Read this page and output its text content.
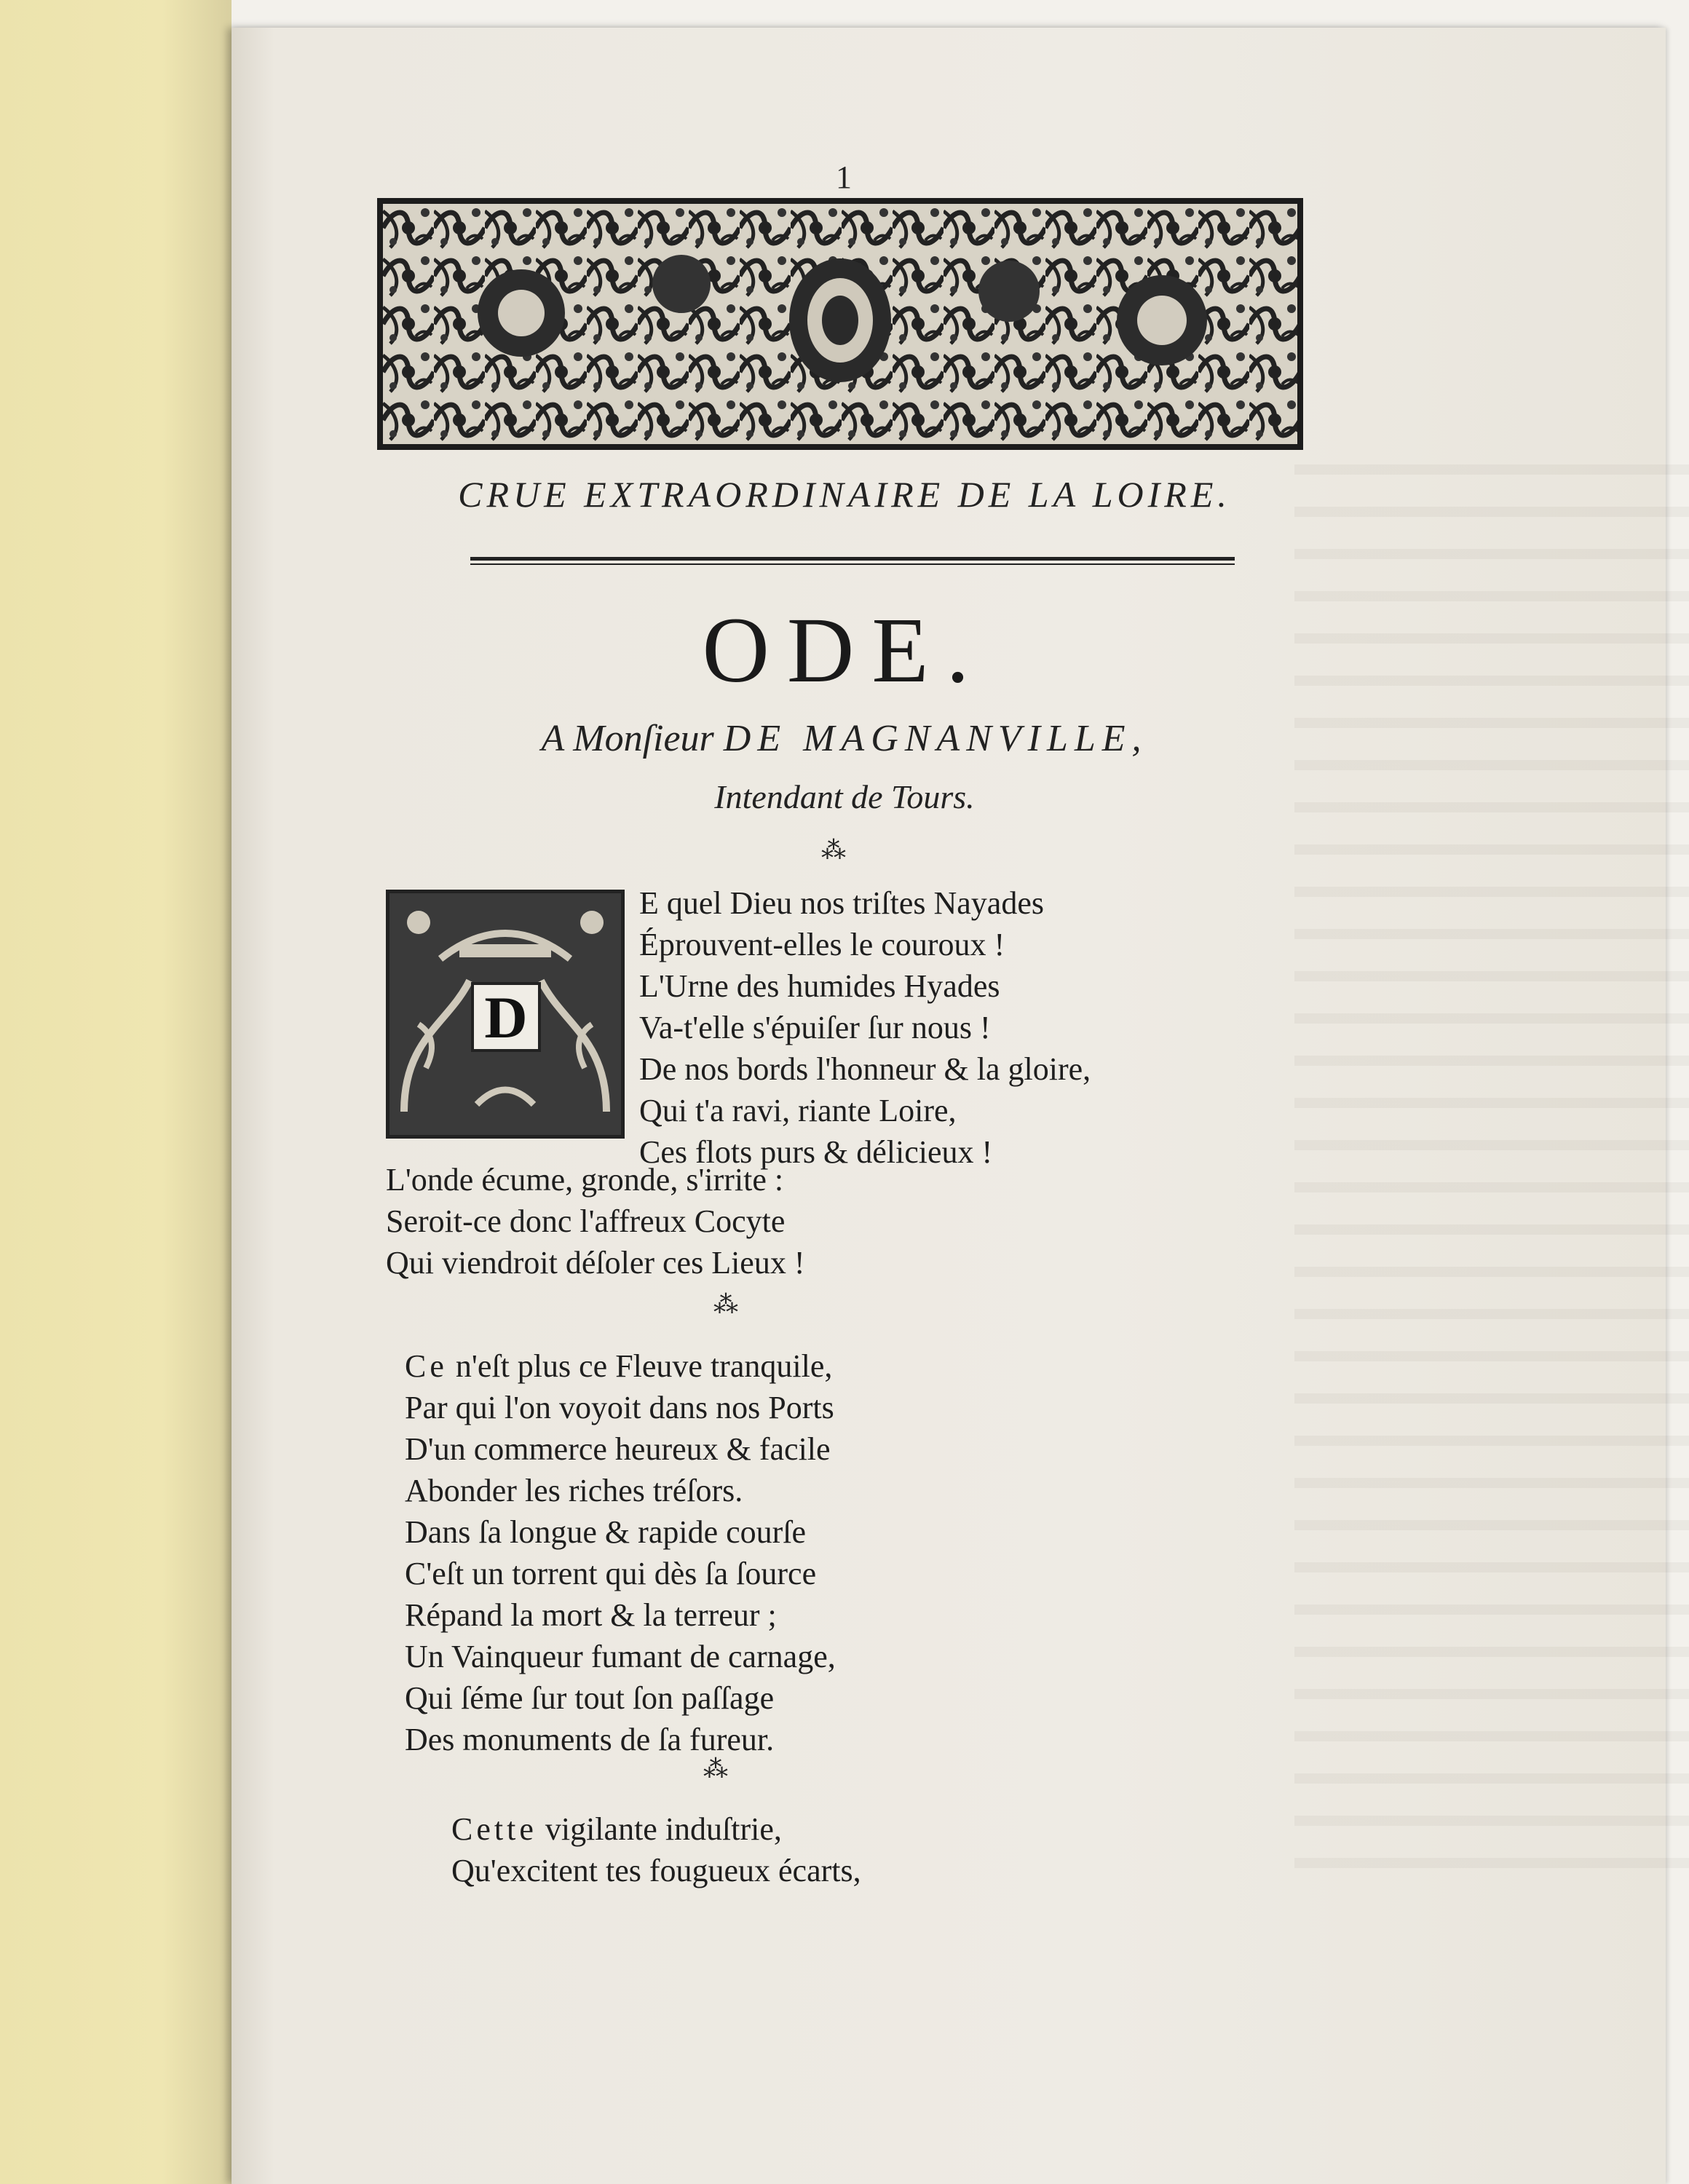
1
CRUE EXTRAORDINAIRE DE LA LOIRE.
ODE.
A Monſieur DE MAGNANVILLE,
Intendant de Tours.
⁂
D
E quel Dieu nos triſtes Nayades
Éprouvent-elles le couroux !
L'Urne des humides Hyades
Va-t'elle s'épuiſer ſur nous !
De nos bords l'honneur & la gloire,
Qui t'a ravi, riante Loire,
Ces flots purs & délicieux !
L'onde écume, gronde, s'irrite :
Seroit-ce donc l'affreux Cocyte
Qui viendroit déſoler ces Lieux !
⁂
Ce n'eſt plus ce Fleuve tranquile,
Par qui l'on voyoit dans nos Ports
D'un commerce heureux & facile
Abonder les riches tréſors.
Dans ſa longue & rapide courſe
C'eſt un torrent qui dès ſa ſource
Répand la mort & la terreur ;
Un Vainqueur fumant de carnage,
Qui ſéme ſur tout ſon paſſage
Des monuments de ſa fureur.
⁂
Cette vigilante induſtrie,
Qu'excitent tes fougueux écarts,
